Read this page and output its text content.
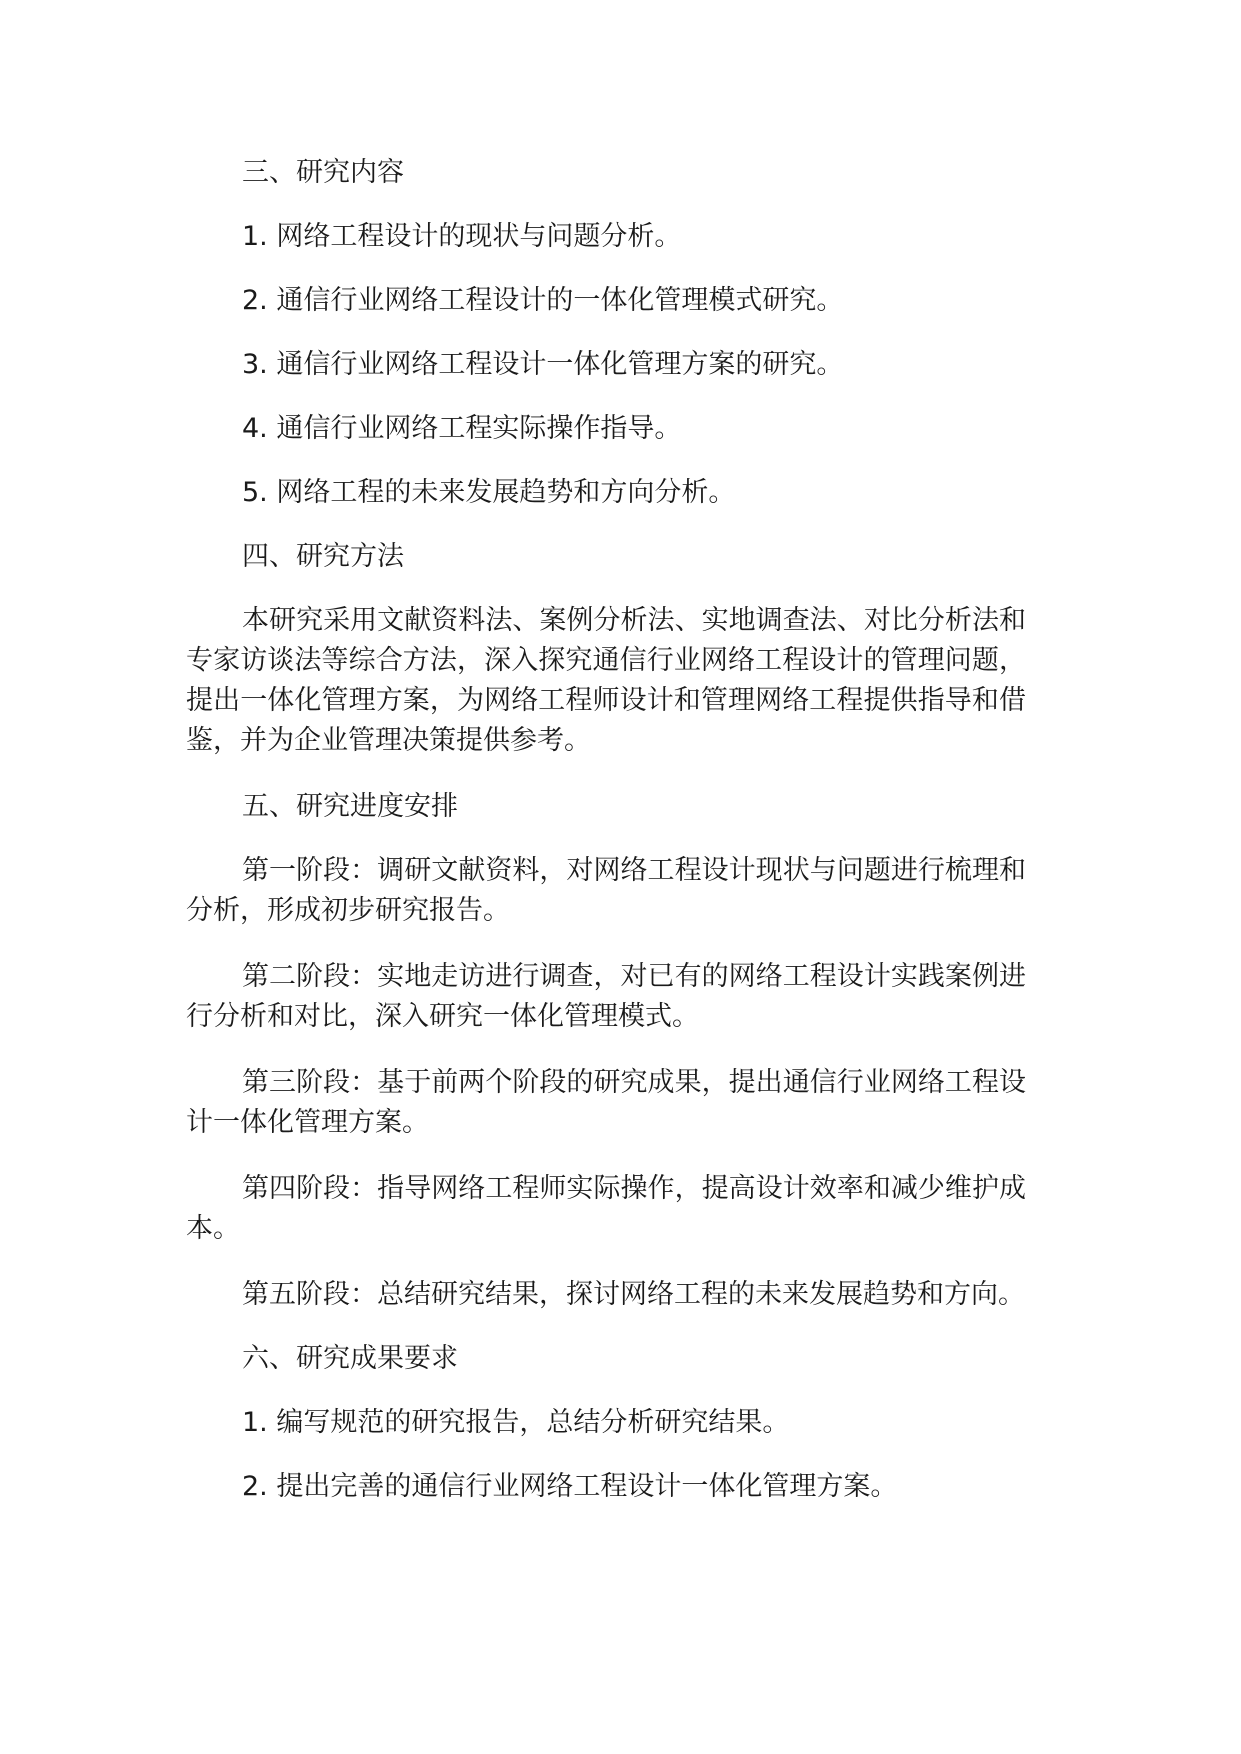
三、研究内容

1. 网络工程设计的现状与问题分析。

2. 通信行业网络工程设计的一体化管理模式研究。

3. 通信行业网络工程设计一体化管理方案的研究。

4. 通信行业网络工程实际操作指导。

5. 网络工程的未来发展趋势和方向分析。

四、研究方法

本研究采用文献资料法、案例分析法、实地调查法、对比分析法和专家访谈法等综合方法，深入探究通信行业网络工程设计的管理问题，提出一体化管理方案，为网络工程师设计和管理网络工程提供指导和借鉴，并为企业管理决策提供参考。

五、研究进度安排

第一阶段：调研文献资料，对网络工程设计现状与问题进行梳理和分析，形成初步研究报告。

第二阶段：实地走访进行调查，对已有的网络工程设计实践案例进行分析和对比，深入研究一体化管理模式。

第三阶段：基于前两个阶段的研究成果，提出通信行业网络工程设计一体化管理方案。

第四阶段：指导网络工程师实际操作，提高设计效率和减少维护成本。

第五阶段：总结研究结果，探讨网络工程的未来发展趋势和方向。

六、研究成果要求

1. 编写规范的研究报告，总结分析研究结果。

2. 提出完善的通信行业网络工程设计一体化管理方案。
